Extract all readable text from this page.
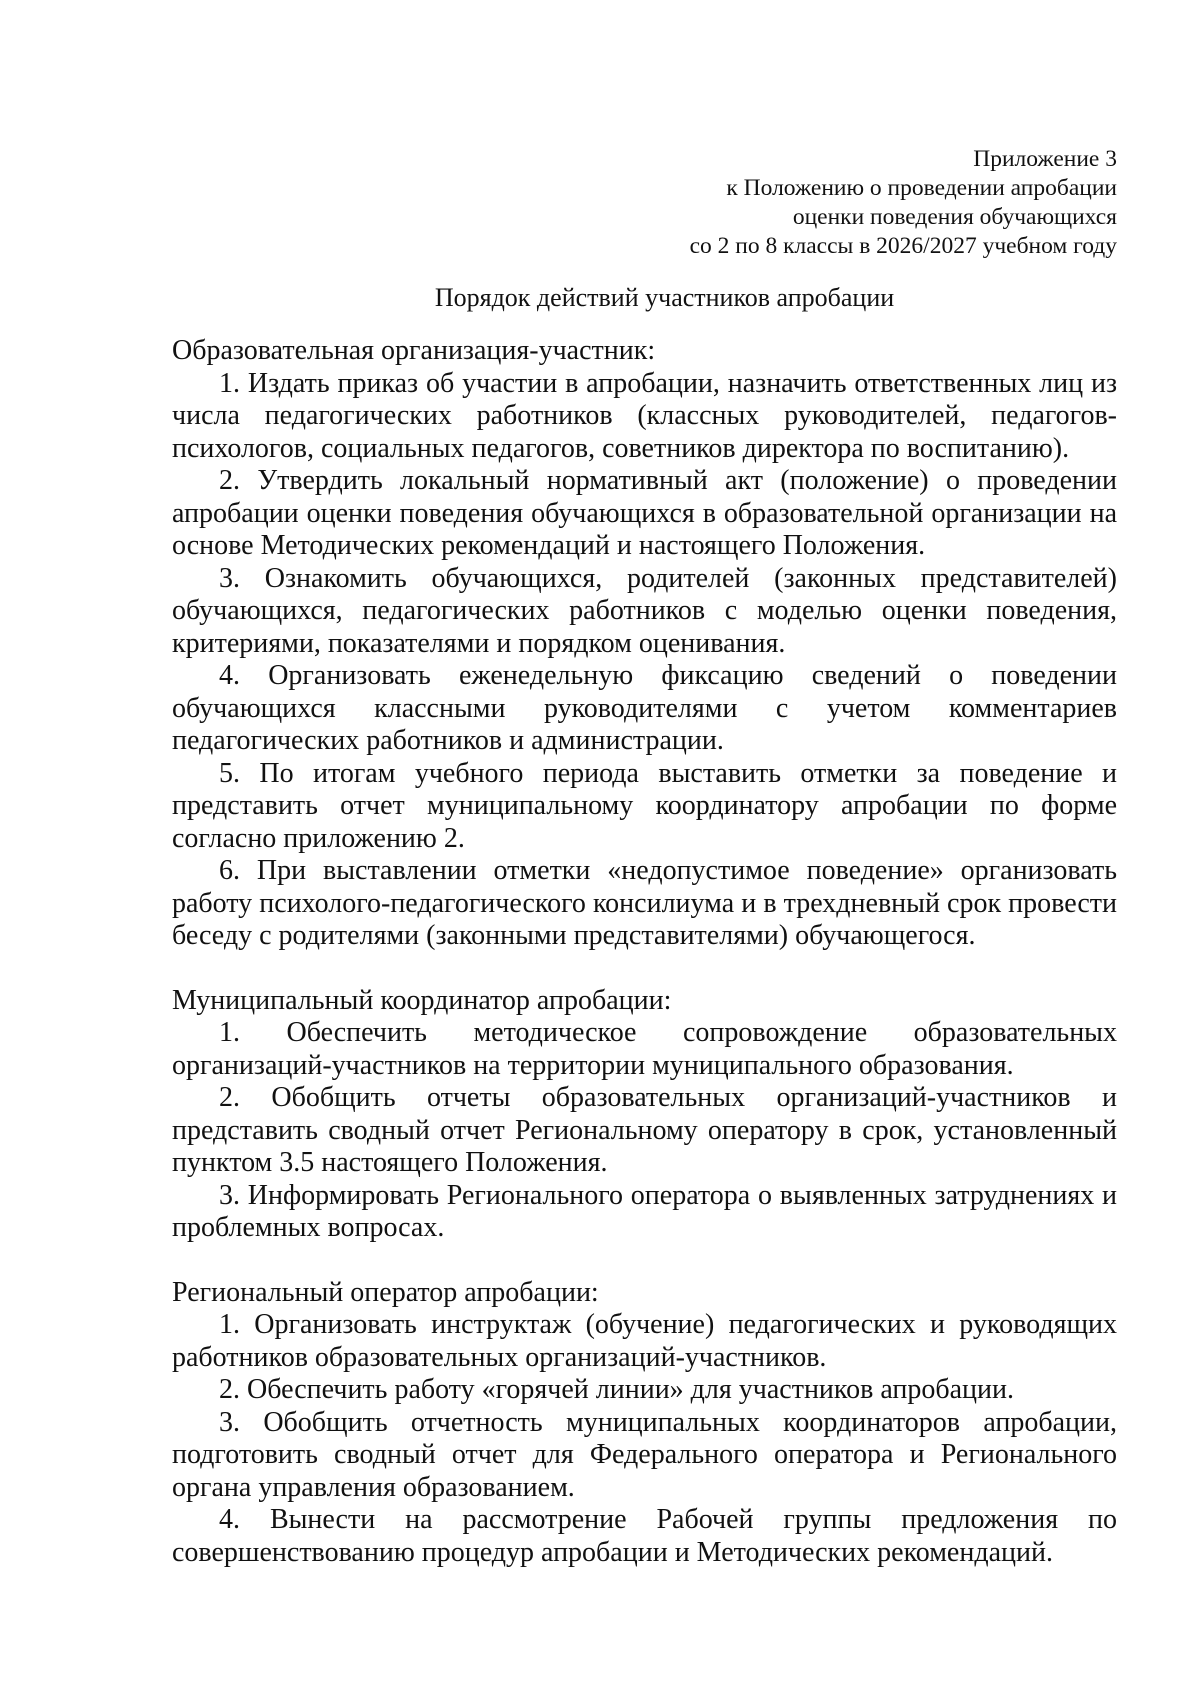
Приложение 3
к Положению о проведении апробации
оценки поведения обучающихся
со 2 по 8 классы в 2026/2027 учебном году
Порядок действий участников апробации

Образовательная организация-участник:

1. Издать приказ об участии в апробации, назначить ответственных лиц из числа педагогических работников (классных руководителей, педагогов-психологов, социальных педагогов, советников директора по воспитанию).

2. Утвердить локальный нормативный акт (положение) о проведении апробации оценки поведения обучающихся в образовательной организации на основе Методических рекомендаций и настоящего Положения.

3. Ознакомить обучающихся, родителей (законных представителей) обучающихся, педагогических работников с моделью оценки поведения, критериями, показателями и порядком оценивания.

4. Организовать еженедельную фиксацию сведений о поведении обучающихся классными руководителями с учетом комментариев педагогических работников и администрации.

5. По итогам учебного периода выставить отметки за поведение и представить отчет муниципальному координатору апробации по форме согласно приложению 2.

6. При выставлении отметки «недопустимое поведение» организовать работу психолого-педагогического консилиума и в трехдневный срок провести беседу с родителями (законными представителями) обучающегося.

Муниципальный координатор апробации:

1. Обеспечить методическое сопровождение образовательных организаций-участников на территории муниципального образования.

2. Обобщить отчеты образовательных организаций-участников и представить сводный отчет Региональному оператору в срок, установленный пунктом 3.5 настоящего Положения.

3. Информировать Регионального оператора о выявленных затруднениях и проблемных вопросах.

Региональный оператор апробации:

1. Организовать инструктаж (обучение) педагогических и руководящих работников образовательных организаций-участников.

2. Обеспечить работу «горячей линии» для участников апробации.

3. Обобщить отчетность муниципальных координаторов апробации, подготовить сводный отчет для Федерального оператора и Регионального органа управления образованием.

4. Вынести на рассмотрение Рабочей группы предложения по совершенствованию процедур апробации и Методических рекомендаций.
